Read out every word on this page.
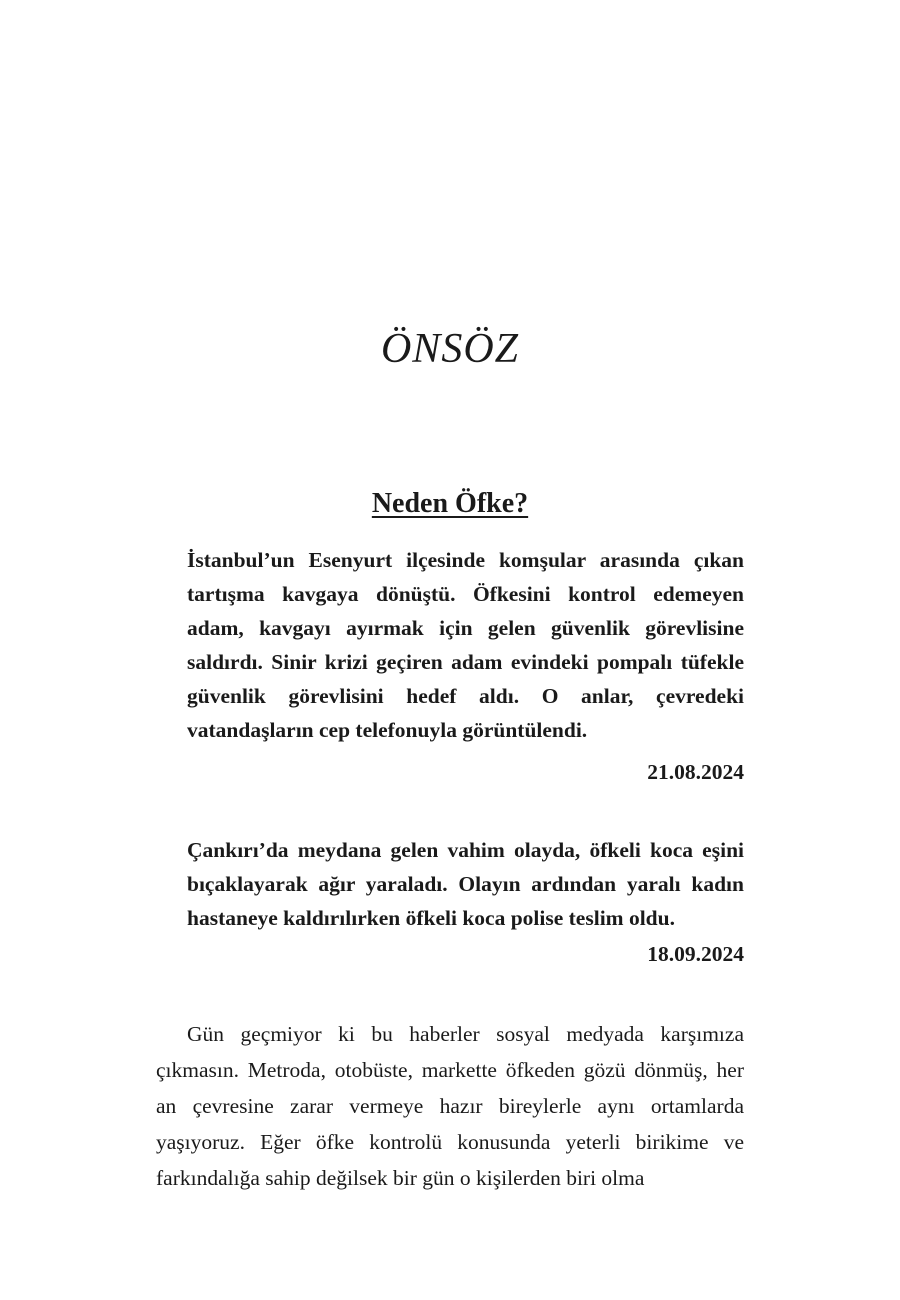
ÖNSÖZ
Neden Öfke?

İstanbul’un Esenyurt ilçesinde komşular arasında çıkan tartışma kavgaya dönüştü. Öfkesini kontrol edemeyen adam, kavgayı ayırmak için gelen güvenlik görevlisine saldırdı. Sinir krizi geçiren adam evindeki pompalı tüfekle güvenlik görevlisini hedef aldı. O anlar, çevredeki vatandaşların cep telefonuyla görüntülendi.

21.08.2024

Çankırı’da meydana gelen vahim olayda, öfkeli koca eşini bıçaklayarak ağır yaraladı. Olayın ardından yaralı kadın hastaneye kaldırılırken öfkeli koca polise teslim oldu.

18.09.2024

Gün geçmiyor ki bu haberler sosyal medyada karşımıza çıkmasın. Metroda, otobüste, markette öfkeden gözü dönmüş, her an çevresine zarar vermeye hazır bireylerle aynı ortamlarda yaşıyoruz. Eğer öfke kontrolü konusunda yeterli birikime ve farkındalığa sahip değilsek bir gün o kişilerden biri olma
